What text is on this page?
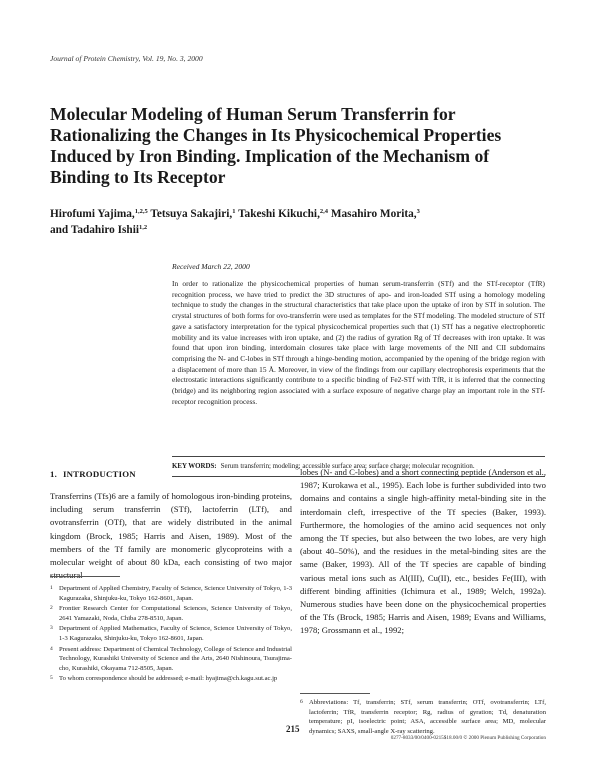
Journal of Protein Chemistry, Vol. 19, No. 3, 2000
Molecular Modeling of Human Serum Transferrin for Rationalizing the Changes in Its Physicochemical Properties Induced by Iron Binding. Implication of the Mechanism of Binding to Its Receptor
Hirofumi Yajima,$^{1,2,5}$ Tetsuya Sakajiri,$^1$ Takeshi Kikuchi,$^{2,4}$ Masahiro Morita,$^3$
and Tadahiro Ishii$^{1,2}$
Received March 22, 2000
In order to rationalize the physicochemical properties of human serum-transferrin (STf) and the STf-receptor (TfR) recognition process, we have tried to predict the 3D structures of apo- and iron-loaded STf using a homology modeling technique to study the changes in the structural characteristics that take place upon the uptake of iron by STf in solution. The crystal structures of both forms for ovo-transferrin were used as templates for the STf modeling. The modeled structure of STf gave a satisfactory interpretation for the typical physicochemical properties such that (1) STf has a negative electrophoretic mobility and its value increases with iron uptake, and (2) the radius of gyration Rg of Tf decreases with iron uptake. It was found that upon iron binding, interdomain closures take place with large movements of the NII and CII subdomains comprising the N- and C-lobes in STf through a hinge-bending motion, accompanied by the opening of the bridge region with a displacement of more than 15 Å. Moreover, in view of the findings from our capillary electrophoresis experiments that the electrostatic interactions significantly contribute to a specific binding of Fe2-STf with TfR, it is inferred that the connecting (bridge) and its neighboring region associated with a surface exposure of negative charge play an important role in the STf-receptor recognition process.
KEY WORDS: Serum transferrin; modeling; accessible surface area; surface charge; molecular recognition.
1. INTRODUCTION
Transferrins (Tfs)6 are a family of homologous iron-binding proteins, including serum transferrin (STf), lactoferrin (LTf), and ovotransferrin (OTf), that are widely distributed in the animal kingdom (Brock, 1985; Harris and Aisen, 1989). Most of the members of the Tf family are monomeric glycoproteins with a molecular weight of about 80 kDa, each consisting of two major structural
1 Department of Applied Chemistry, Faculty of Science, Science University of Tokyo, 1-3 Kagurazaka, Shinjuku-ku, Tokyo 162-8601, Japan.
2 Frontier Research Center for Computational Sciences, Science University of Tokyo, 2641 Yamazaki, Noda, Chiba 278-8510, Japan.
3 Department of Applied Mathematics, Faculty of Science, Science University of Tokyo, 1-3 Kagurazaka, Shinjuku-ku, Tokyo 162-8601, Japan.
4 Present address: Department of Chemical Technology, College of Science and Industrial Technology, Kurashiki University of Science and the Arts, 2640 Nishinoura, Tsurajima-cho, Kurashiki, Okayama 712-8505, Japan.
5 To whom correspondence should be addressed; e-mail: hyajima@ch.kagu.sut.ac.jp
lobes (N- and C-lobes) and a short connecting peptide (Anderson et al., 1987; Kurokawa et al., 1995). Each lobe is further subdivided into two domains and contains a single high-affinity metal-binding site in the interdomain cleft, irrespective of the Tf species (Baker, 1993). Furthermore, the homologies of the amino acid sequences not only among the Tf species, but also between the two lobes, are very high (about 40–50%), and the residues in the metal-binding sites are the same (Baker, 1993). All of the Tf species are capable of binding various metal ions such as Al(III), Cu(II), etc., besides Fe(III), with different binding affinities (Ichimura et al., 1989; Welch, 1992a). Numerous studies have been done on the physicochemical properties of the Tfs (Brock, 1985; Harris and Aisen, 1989; Evans and Williams, 1978; Grossmann et al., 1992;
6 Abbreviations: Tf, transferrin; STf, serum transferrin; OTf, ovotransferrin; LTf, lactoferrin; TfR, transferrin receptor; Rg, radius of gyration; Td, denaturation temperature; pI, isoelectric point; ASA, accessible surface area; MD, molecular dynamics; SAXS, small-angle X-ray scattering.
215
0277-8033/00/0400-0215$18.00/0 © 2000 Plenum Publishing Corporation
